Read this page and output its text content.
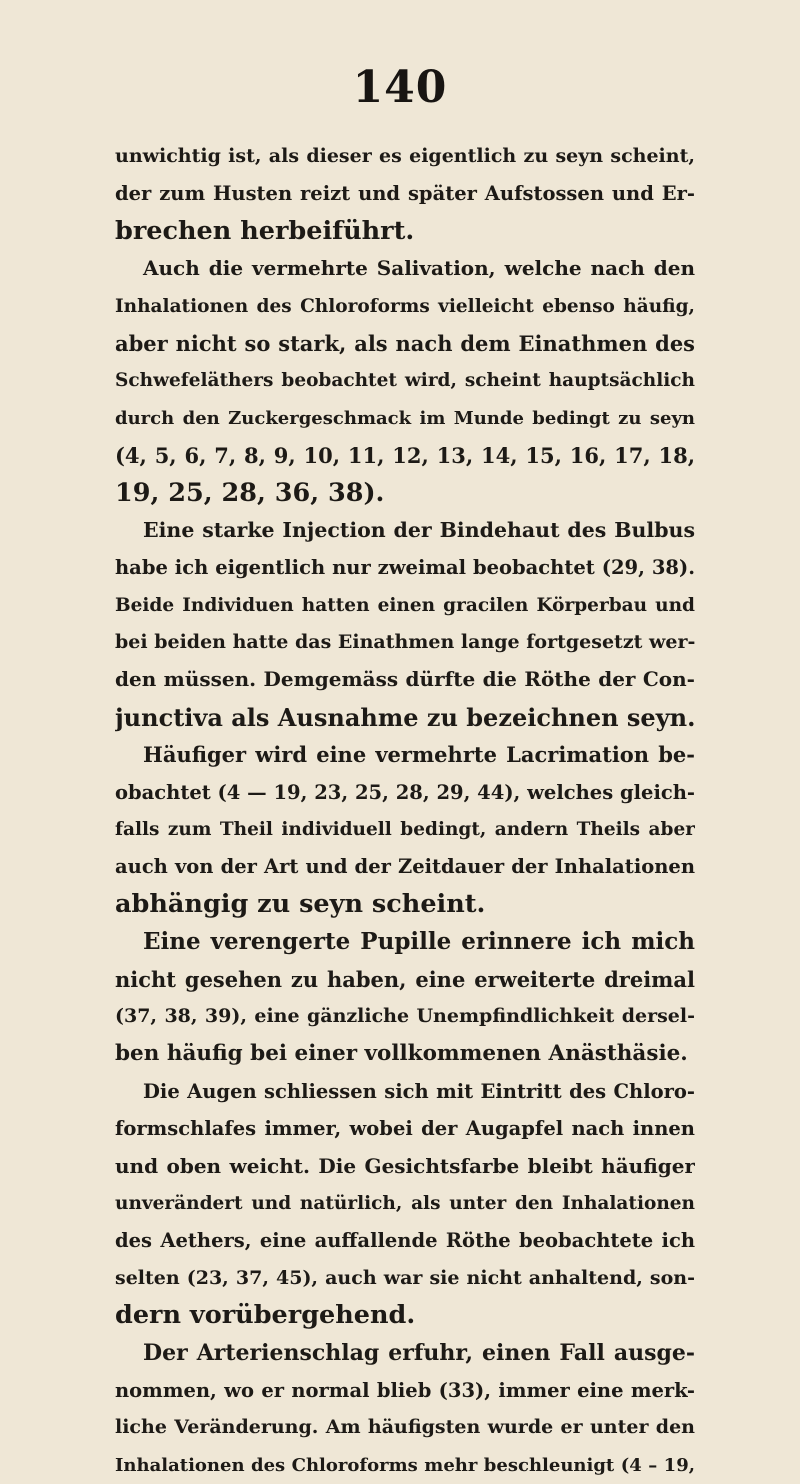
140
unwichtig ist, als dieser es eigentlich zu seyn scheint,
der zum Husten reizt und später Aufstossen und Er-
brechen herbeiführt.
Auch die vermehrte Salivation, welche nach den
Inhalationen des Chloroforms vielleicht ebenso häufig,
aber nicht so stark, als nach dem Einathmen des
Schwefeläthers beobachtet wird, scheint hauptsächlich
durch den Zuckergeschmack im Munde bedingt zu seyn
(4, 5, 6, 7, 8, 9, 10, 11, 12, 13, 14, 15, 16, 17, 18,
19, 25, 28, 36, 38).
Eine starke Injection der Bindehaut des Bulbus
habe ich eigentlich nur zweimal beobachtet (29, 38).
Beide Individuen hatten einen gracilen Körperbau und
bei beiden hatte das Einathmen lange fortgesetzt wer-
den müssen. Demgemäss dürfte die Röthe der Con-
junctiva als Ausnahme zu bezeichnen seyn.
Häufiger wird eine vermehrte Lacrimation be-
obachtet (4 — 19, 23, 25, 28, 29, 44), welches gleich-
falls zum Theil individuell bedingt, andern Theils aber
auch von der Art und der Zeitdauer der Inhalationen
abhängig zu seyn scheint.
Eine verengerte Pupille erinnere ich mich
nicht gesehen zu haben, eine erweiterte dreimal
(37, 38, 39), eine gänzliche Unempfindlichkeit dersel-
ben häufig bei einer vollkommenen Anästhäsie.
Die Augen schliessen sich mit Eintritt des Chloro-
formschlafes immer, wobei der Augapfel nach innen
und oben weicht. Die Gesichtsfarbe bleibt häufiger
unverändert und natürlich, als unter den Inhalationen
des Aethers, eine auffallende Röthe beobachtete ich
selten (23, 37, 45), auch war sie nicht anhaltend, son-
dern vorübergehend.
Der Arterienschlag erfuhr, einen Fall ausge-
nommen, wo er normal blieb (33), immer eine merk-
liche Veränderung. Am häufigsten wurde er unter den
Inhalationen des Chloroforms mehr beschleunigt (4 – 19,
